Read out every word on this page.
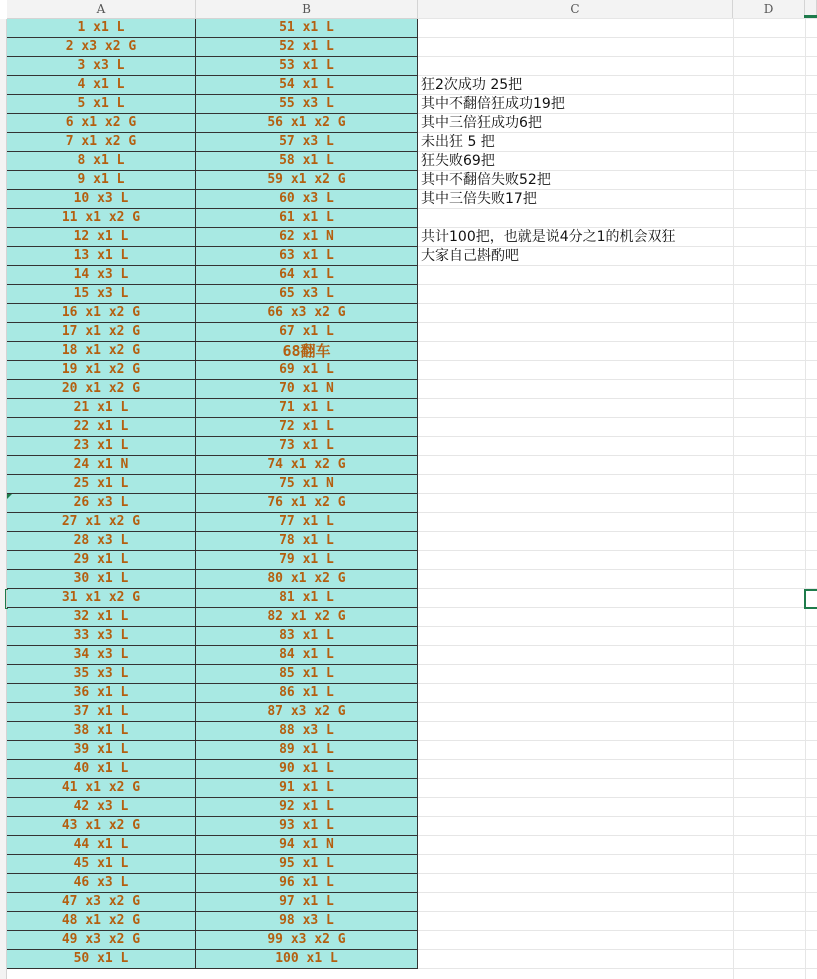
A	B	C	D
1 x1 L	51 x1 L
2 x3 x2 G	52 x1 L
3 x3 L	53 x1 L
4 x1 L	54 x1 L
5 x1 L	55 x3 L
6 x1 x2 G	56 x1 x2 G
7 x1 x2 G	57 x3 L
8 x1 L	58 x1 L
9 x1 L	59 x1 x2 G
10 x3 L	60 x3 L
11 x1 x2 G	61 x1 L
12 x1 L	62 x1 N
13 x1 L	63 x1 L
14 x3 L	64 x1 L
15 x3 L	65 x3 L
16 x1 x2 G	66 x3 x2 G
17 x1 x2 G	67 x1 L
18 x1 x2 G	68翻车
19 x1 x2 G	69 x1 L
20 x1 x2 G	70 x1 N
21 x1 L	71 x1 L
22 x1 L	72 x1 L
23 x1 L	73 x1 L
24 x1 N	74 x1 x2 G
25 x1 L	75 x1 N
26 x3 L	76 x1 x2 G
27 x1 x2 G	77 x1 L
28 x3 L	78 x1 L
29 x1 L	79 x1 L
30 x1 L	80 x1 x2 G
31 x1 x2 G	81 x1 L
32 x1 L	82 x1 x2 G
33 x3 L	83 x1 L
34 x3 L	84 x1 L
35 x3 L	85 x1 L
36 x1 L	86 x1 L
37 x1 L	87 x3 x2 G
38 x1 L	88 x3 L
39 x1 L	89 x1 L
40 x1 L	90 x1 L
41 x1 x2 G	91 x1 L
42 x3 L	92 x1 L
43 x1 x2 G	93 x1 L
44 x1 L	94 x1 N
45 x1 L	95 x1 L
46 x3 L	96 x1 L
47 x3 x2 G	97 x1 L
48 x1 x2 G	98 x3 L
49 x3 x2 G	99 x3 x2 G
50 x1 L	100 x1 L
狂2次成功 25把
其中不翻倍狂成功19把
其中三倍狂成功6把
未出狂 5 把
狂失败69把
其中不翻倍失败52把
其中三倍失败17把
共计100把，也就是说4分之1的机会双狂
大家自己斟酌吧
